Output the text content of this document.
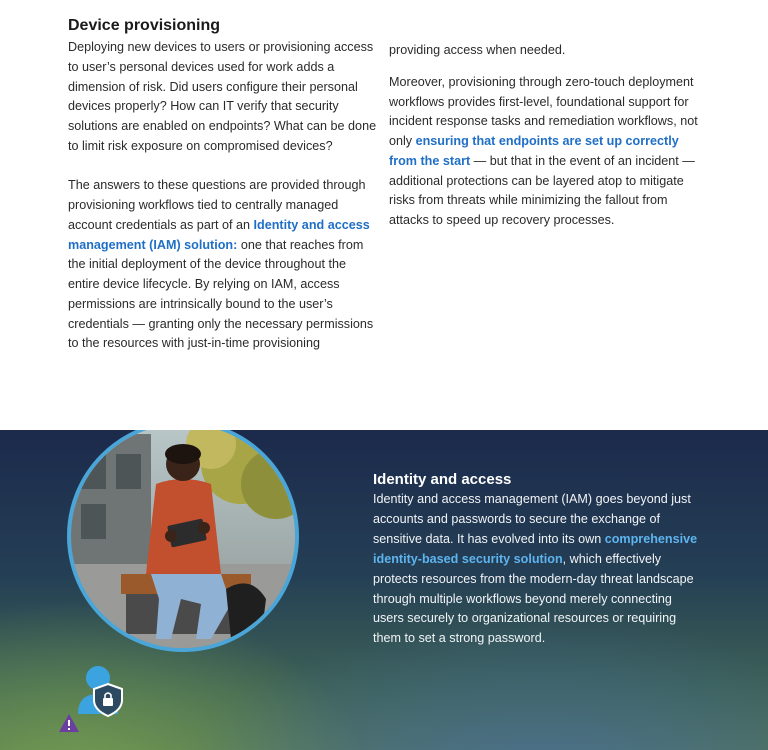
Device provisioning

Deploying new devices to users or provisioning access to user’s personal devices used for work adds a dimension of risk. Did users configure their personal devices properly? How can IT verify that security solutions are enabled on endpoints? What can be done to limit risk exposure on compromised devices?

The answers to these questions are provided through provisioning workflows tied to centrally managed account credentials as part of an Identity and access management (IAM) solution: one that reaches from the initial deployment of the device throughout the entire device lifecycle. By relying on IAM, access permissions are intrinsically bound to the user’s credentials — granting only the necessary permissions to the resources with just-in-time provisioning

providing access when needed.

Moreover, provisioning through zero-touch deployment workflows provides first-level, foundational support for incident response tasks and remediation workflows, not only ensuring that endpoints are set up correctly from the start — but that in the event of an incident — additional protections can be layered atop to mitigate risks from threats while minimizing the fallout from attacks to speed up recovery processes.

Identity and access

Identity and access management (IAM) goes beyond just accounts and passwords to secure the exchange of sensitive data. It has evolved into its own comprehensive identity-based security solution, which effectively protects resources from the modern-day threat landscape through multiple workflows beyond merely connecting users securely to organizational resources or requiring them to set a strong password.
